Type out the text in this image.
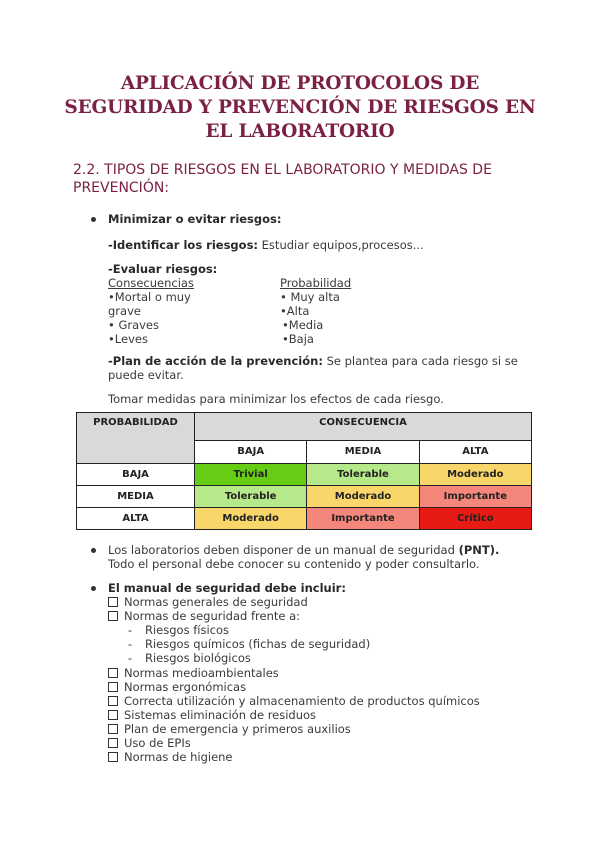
APLICACIÓN DE PROTOCOLOS DE
SEGURIDAD Y PREVENCIÓN DE RIESGOS EN
EL LABORATORIO
2.2. TIPOS DE RIESGOS EN EL LABORATORIO Y MEDIDAS DE
PREVENCIÓN:
Minimizar o evitar riesgos:
-Identificar los riesgos: Estudiar equipos,procesos...
-Evaluar riesgos:
Consecuencias
•Mortal o muy
grave
• Graves
•Leves
Probabilidad
• Muy alta
•Alta
•Media
•Baja
-Plan de acción de la prevención: Se plantea para cada riesgo si se
puede evitar.
Tomar medidas para minimizar los efectos de cada riesgo.
PROBABILIDAD	CONSECUENCIA		
	BAJA	MEDIA	ALTA
BAJA	Trivial	Tolerable	Moderado
MEDIA	Tolerable	Moderado	Importante
ALTA	Moderado	Importante	Crítico
Los laboratorios deben disponer de un manual de seguridad (PNT).
Todo el personal debe conocer su contenido y poder consultarlo.
El manual de seguridad debe incluir:
Normas generales de seguridad
Normas de seguridad frente a:
- Riesgos físicos
- Riesgos químicos (fichas de seguridad)
- Riesgos biológicos
Normas medioambientales
Normas ergonómicas
Correcta utilización y almacenamiento de productos químicos
Sistemas eliminación de residuos
Plan de emergencia y primeros auxilios
Uso de EPIs
Normas de higiene
